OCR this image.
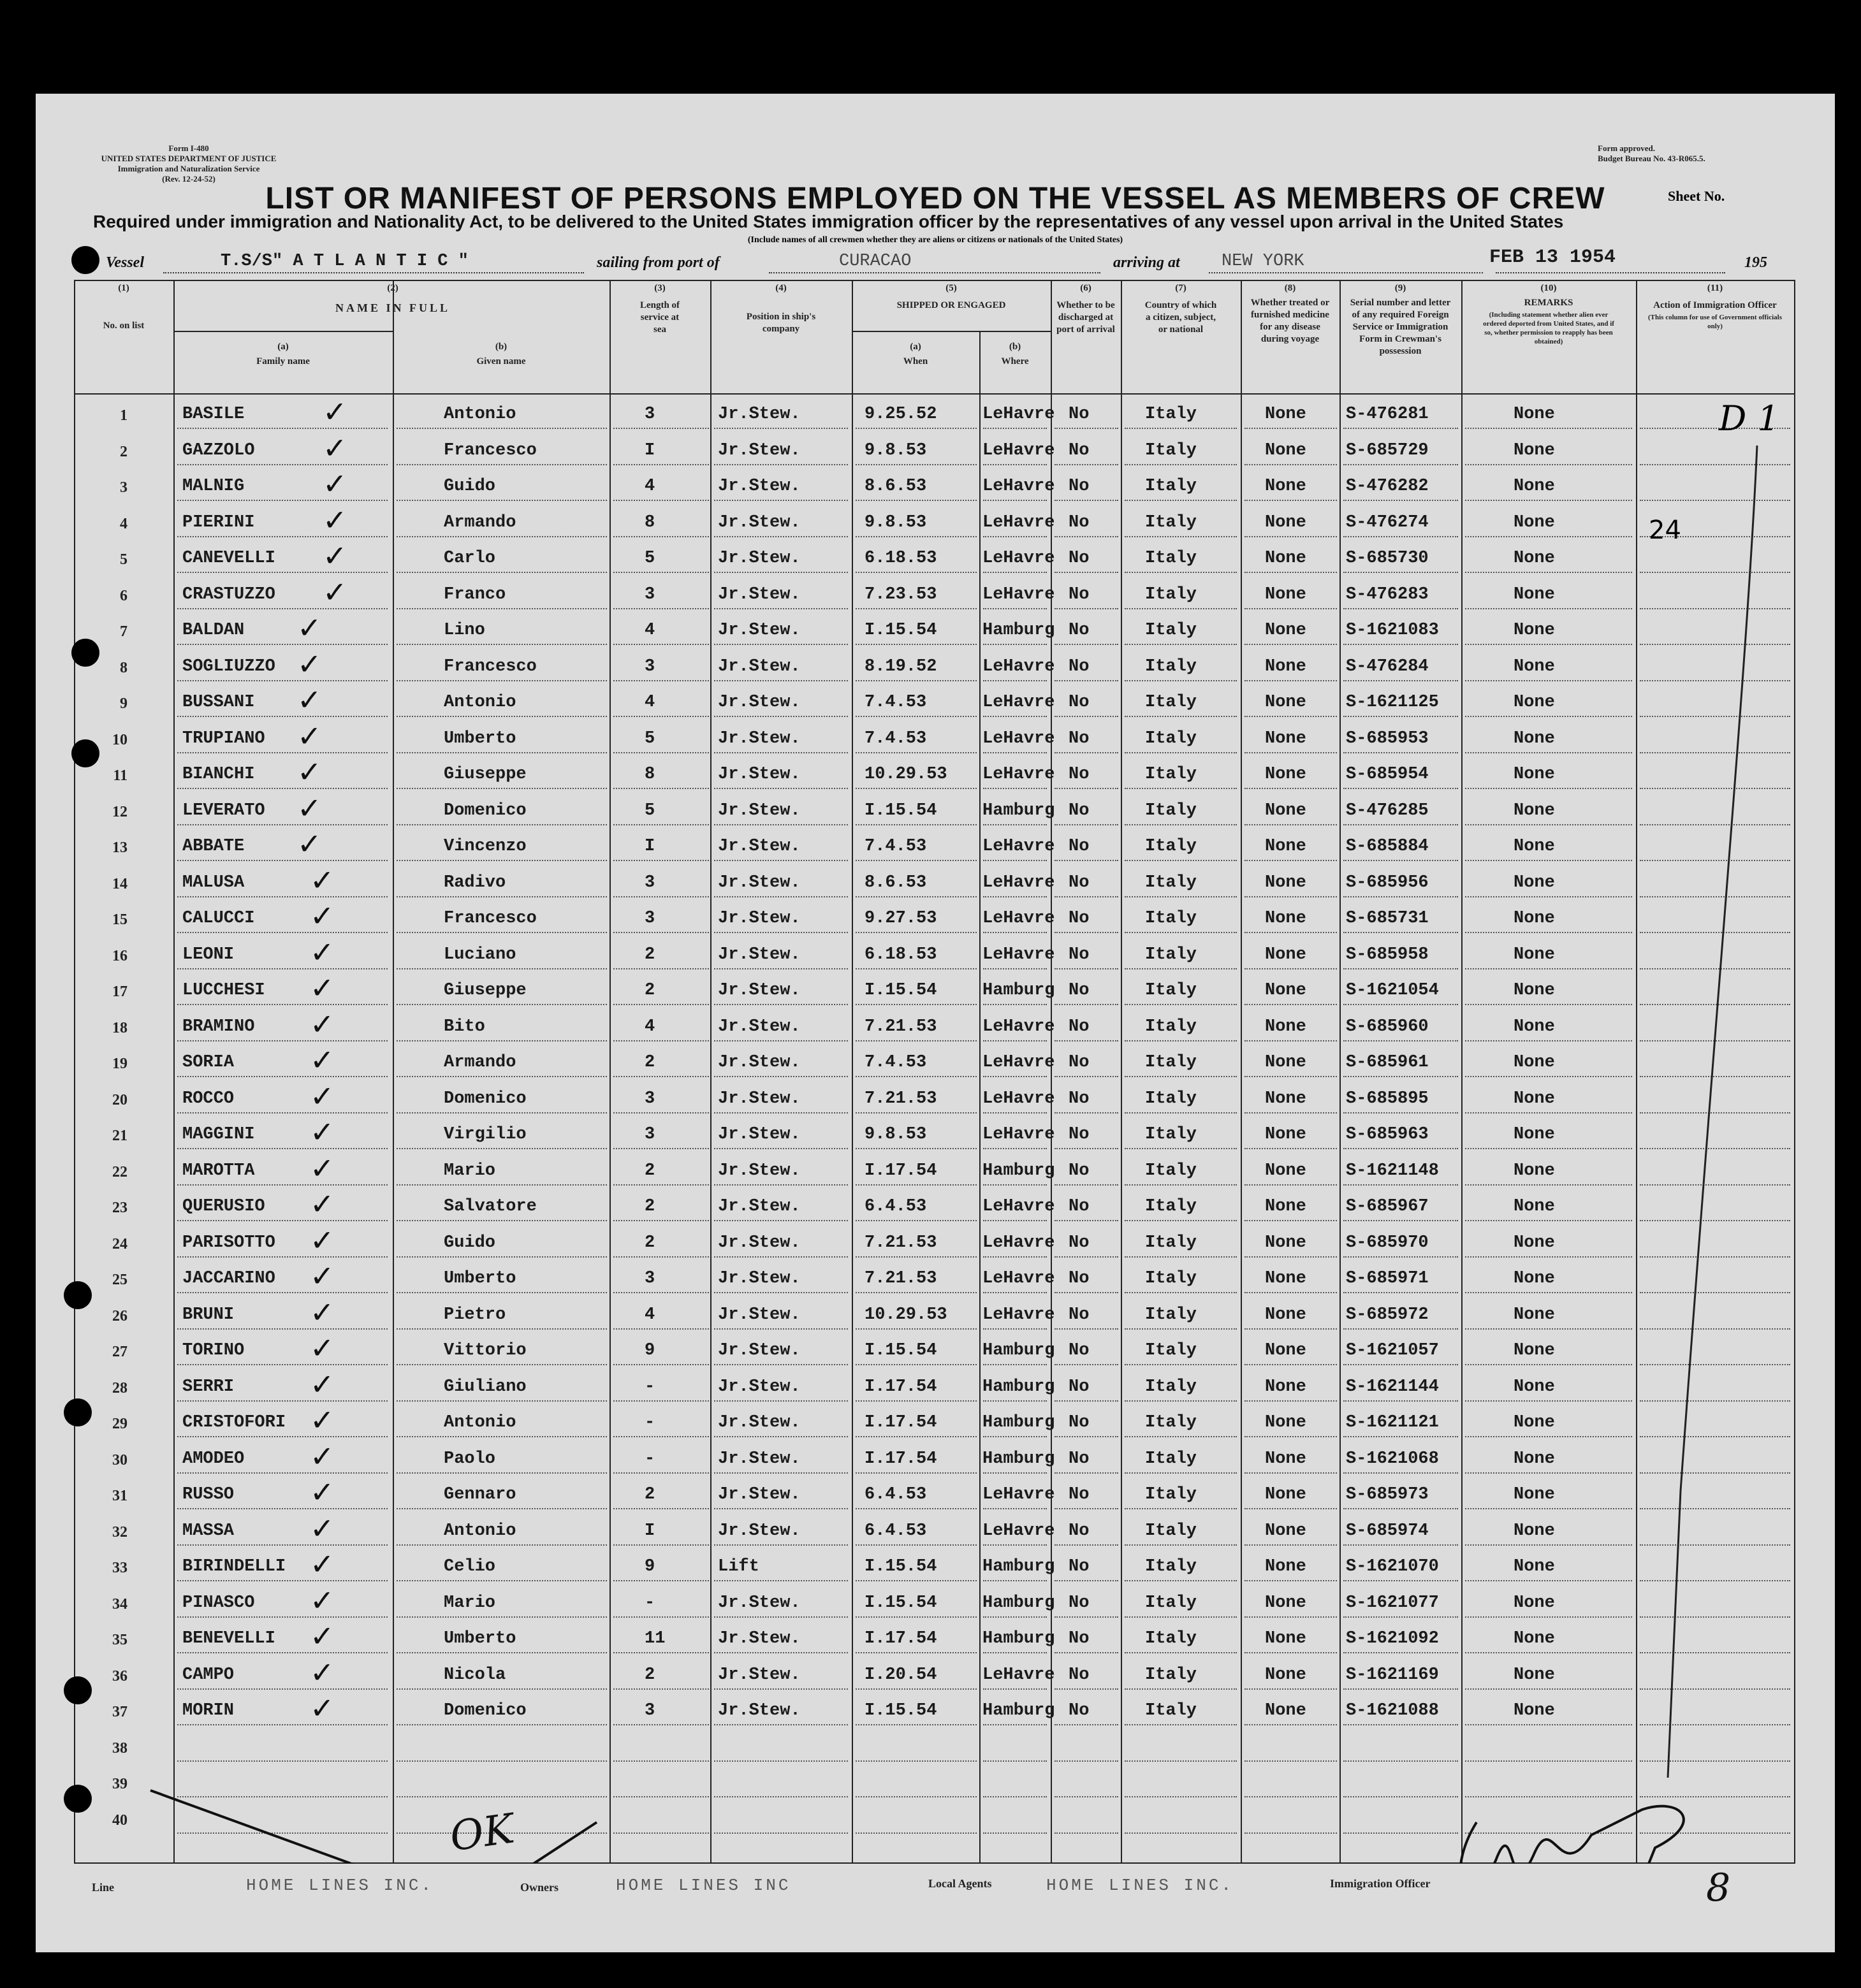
Form I-480
UNITED STATES DEPARTMENT OF JUSTICE
Immigration and Naturalization Service
(Rev. 12-24-52)
Form approved.
Budget Bureau No. 43-R065.5.
LIST OR MANIFEST OF PERSONS EMPLOYED ON THE VESSEL AS MEMBERS OF CREW	Sheet No.
Required under immigration and Nationality Act, to be delivered to the United States immigration officer by the representatives of any vessel upon arrival in the United States
(Include names of all crewmen whether they are aliens or citizens or nationals of the United States)
Vessel	T.S/S" A T L A N T I C "	sailing from port of	CURACAO	arriving at NEW YORK	FEB 13 1954	195
(1)
No. on list
(2)
NAME IN FULL
(a)
Family name
(b)
Given name
(3)
Length of service at sea
(4)
Position in ship's company
(5)
SHIPPED OR ENGAGED
(a)
When
(b)
Where
(6)
Whether to be discharged at port of arrival
(7)
Country of which a citizen, subject, or national
(8)
Whether treated or furnished medicine for any disease during voyage
(9)
Serial number and letter of any required Foreign Service or Immigration Form in Crewman's possession
(10)
REMARKS
(Including statement whether alien ever ordered deported from United States, and if so, whether permission to reapply has been obtained)
(11)
Action of Immigration Officer
(This column for use of Government officials only)
1	BASILE	Antonio	3	Jr.Stew.	9.25.52	LeHavre No	Italy	None S-476281	None
✓
2	GAZZOLO	Francesco	I	Jr.Stew.	9.8.53	LeHavre No	Italy	None S-685729	None
✓
3	MALNIG	Guido	4	Jr.Stew.	8.6.53	LeHavre No	Italy	None S-476282	None
✓
4	PIERINI	Armando	8	Jr.Stew.	9.8.53	LeHavre No	Italy	None S-476274	None
✓
5	CANEVELLI	Carlo	5	Jr.Stew.	6.18.53	LeHavre No	Italy	None S-685730	None
✓
6	CRASTUZZO	Franco	3	Jr.Stew.	7.23.53	LeHavre No	Italy	None S-476283	None
✓
7	BALDAN	Lino	4	Jr.Stew.	I.15.54	Hamburg No	Italy	None S-1621083	None
✓
8	SOGLIUZZO	Francesco	3	Jr.Stew.	8.19.52	LeHavre No	Italy	None S-476284	None
✓
9	BUSSANI	Antonio	4	Jr.Stew.	7.4.53	LeHavre No	Italy	None S-1621125	None
✓
10	TRUPIANO	Umberto	5	Jr.Stew.	7.4.53	LeHavre No	Italy	None S-685953	None
✓
11	BIANCHI	Giuseppe	8	Jr.Stew.	10.29.53 LeHavre No	Italy	None S-685954	None
✓
12	LEVERATO	Domenico	5	Jr.Stew.	I.15.54	Hamburg No	Italy	None S-476285	None
✓
13	ABBATE	Vincenzo	I	Jr.Stew.	7.4.53	LeHavre No	Italy	None S-685884	None
✓
14	MALUSA	Radivo	3	Jr.Stew.	8.6.53	LeHavre No	Italy	None S-685956	None
✓
15	CALUCCI	Francesco	3	Jr.Stew.	9.27.53	LeHavre No	Italy	None S-685731	None
✓
16	LEONI	Luciano	2	Jr.Stew.	6.18.53	LeHavre No	Italy	None S-685958	None
✓
17	LUCCHESI	Giuseppe	2	Jr.Stew.	I.15.54	Hamburg No	Italy	None S-1621054	None
✓
18	BRAMINO	Bito	4	Jr.Stew.	7.21.53	LeHavre No	Italy	None S-685960	None
✓
19	SORIA	Armando	2	Jr.Stew.	7.4.53	LeHavre No	Italy	None S-685961	None
✓
20	ROCCO	Domenico	3	Jr.Stew.	7.21.53	LeHavre No	Italy	None S-685895	None
✓
21	MAGGINI	Virgilio	3	Jr.Stew.	9.8.53	LeHavre No	Italy	None S-685963	None
✓
22	MAROTTA	Mario	2	Jr.Stew.	I.17.54	Hamburg No	Italy	None S-1621148	None
✓
23	QUERUSIO	Salvatore	2	Jr.Stew.	6.4.53	LeHavre No	Italy	None S-685967	None
✓
24	PARISOTTO	Guido	2	Jr.Stew.	7.21.53	LeHavre No	Italy	None S-685970	None
✓
25	JACCARINO	Umberto	3	Jr.Stew.	7.21.53	LeHavre No	Italy	None S-685971	None
✓
26	BRUNI	Pietro	4	Jr.Stew.	10.29.53 LeHavre No	Italy	None S-685972	None
✓
27	TORINO	Vittorio	9	Jr.Stew.	I.15.54	Hamburg No	Italy	None S-1621057	None
✓
28	SERRI	Giuliano	-	Jr.Stew.	I.17.54	Hamburg No	Italy	None S-1621144	None
✓
29	CRISTOFORI	Antonio	-	Jr.Stew.	I.17.54	Hamburg No	Italy	None S-1621121	None
✓
30	AMODEO	Paolo	-	Jr.Stew.	I.17.54	Hamburg No	Italy	None S-1621068	None
✓
31	RUSSO	Gennaro	2	Jr.Stew.	6.4.53	LeHavre No	Italy	None S-685973	None
✓
32	MASSA	Antonio	I	Jr.Stew.	6.4.53	LeHavre No	Italy	None S-685974	None
✓
33	BIRINDELLI	Celio	9	Lift	I.15.54	Hamburg No	Italy	None S-1621070	None
✓
34	PINASCO	Mario	-	Jr.Stew.	I.15.54	Hamburg No	Italy	None S-1621077	None
✓
35	BENEVELLI	Umberto	11	Jr.Stew.	I.17.54	Hamburg No	Italy	None S-1621092	None
✓
36	CAMPO	Nicola	2	Jr.Stew.	I.20.54	LeHavre No	Italy	None S-1621169	None
✓
37	MORIN	Domenico	3	Jr.Stew.	I.15.54	Hamburg No	Italy	None S-1621088	None
✓
38
39
40
D 1
24
OK
Line	HOME LINES INC.	Owners	HOME LINES INC	Local Agents	HOME LINES INC.	Immigration Officer	8
